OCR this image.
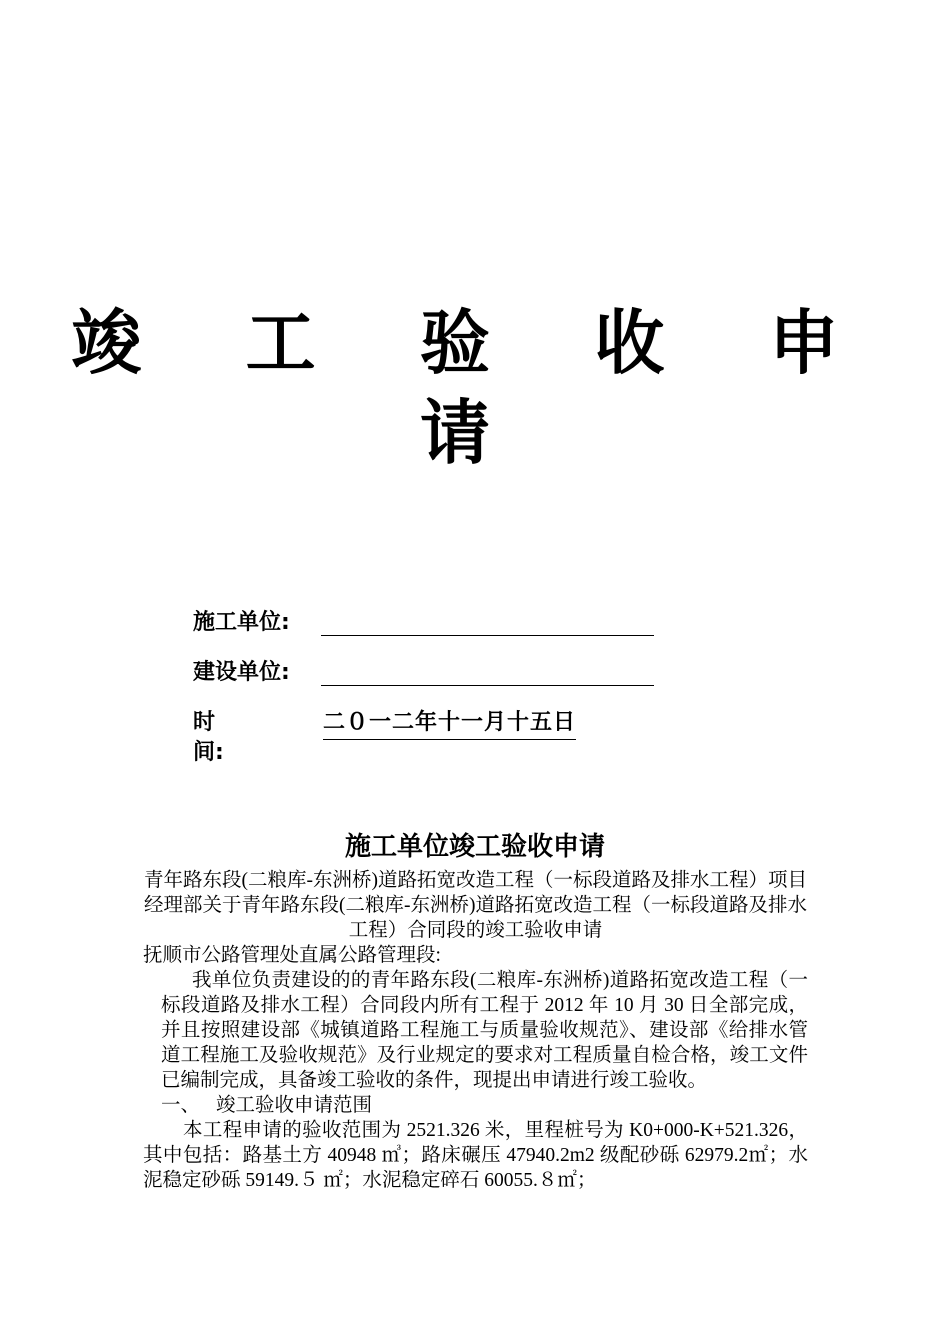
竣 工 验 收 申 请
施工单位:
建设单位:
时间:
二０一二年十一月十五日
施工单位竣工验收申请

青年路东段(二粮库-东洲桥)道路拓宽改造工程（一标段道路及排水工程）项目经理部关于青年路东段(二粮库-东洲桥)道路拓宽改造工程（一标段道路及排水工程）合同段的竣工验收申请

抚顺市公路管理处直属公路管理段:

我单位负责建设的的青年路东段(二粮库-东洲桥)道路拓宽改造工程（一标段道路及排水工程）合同段内所有工程于 2012 年 10 月 30 日全部完成，并且按照建设部《城镇道路工程施工与质量验收规范》、建设部《给排水管道工程施工及验收规范》及行业规定的要求对工程质量自检合格，竣工文件已编制完成，具备竣工验收的条件，现提出申请进行竣工验收。

一、 竣工验收申请范围

本工程申请的验收范围为 2521.326 米，里程桩号为 K0+000-K+521.326，其中包括：路基土方 40948 ㎥；路床碾压 47940.2m2 级配砂砾 62979.2㎡；水泥稳定砂砾 59149.５ ㎡；水泥稳定碎石 60055.８㎡；
